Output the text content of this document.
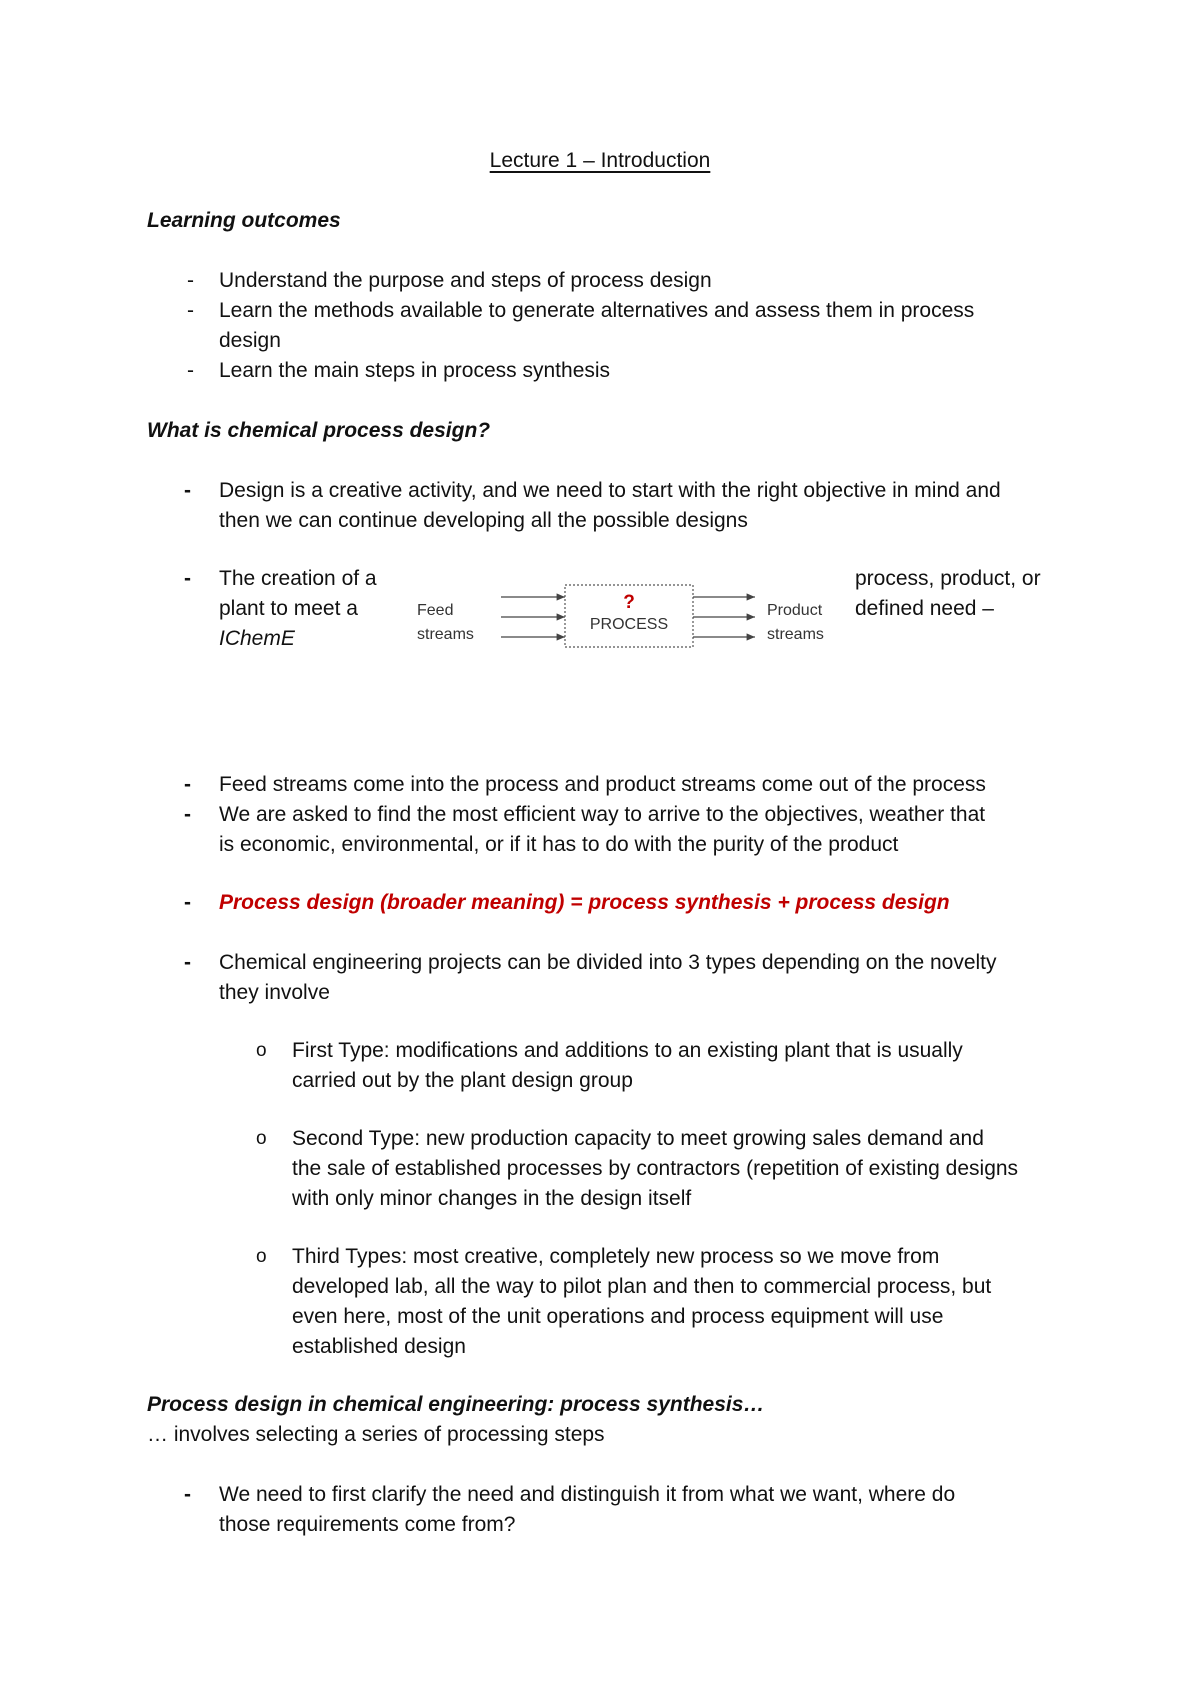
Lecture 1 – Introduction
Learning outcomes
-	Understand the purpose and steps of process design
-	Learn the methods available to generate alternatives and assess them in process
design
-	Learn the main steps in process synthesis
What is chemical process design?
-	Design is a creative activity, and we need to start with the right objective in mind and
then we can continue developing all the possible designs
-	The creation of a
plant to meet a
IChemE
process, product, or
defined need –
Feed
streams
?
PROCESS
Product
streams
-	Feed streams come into the process and product streams come out of the process
-	We are asked to find the most efficient way to arrive to the objectives, weather that
is economic, environmental, or if it has to do with the purity of the product
-	Process design (broader meaning) = process synthesis + process design
-	Chemical engineering projects can be divided into 3 types depending on the novelty
they involve
o First Type: modifications and additions to an existing plant that is usually
carried out by the plant design group
o Second Type: new production capacity to meet growing sales demand and
the sale of established processes by contractors (repetition of existing designs
with only minor changes in the design itself
o Third Types: most creative, completely new process so we move from
developed lab, all the way to pilot plan and then to commercial process, but
even here, most of the unit operations and process equipment will use
established design
Process design in chemical engineering: process synthesis…
… involves selecting a series of processing steps
-	We need to first clarify the need and distinguish it from what we want, where do
those requirements come from?
